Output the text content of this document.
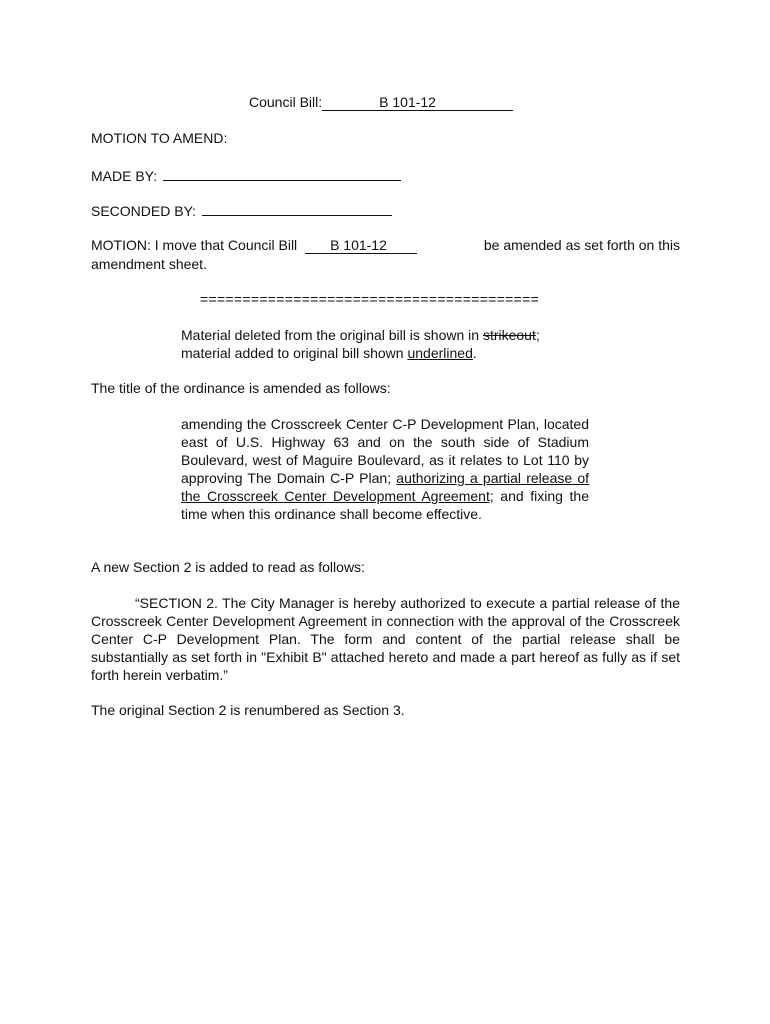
Council Bill:	B 101-12
MOTION TO AMEND:
MADE BY:
SECONDED BY:
MOTION: I move that Council Bill B 101-12	be amended as set forth on this
amendment sheet.
========================================
Material deleted from the original bill is shown in strikeout;
material added to original bill shown underlined.
The title of the ordinance is amended as follows:
amending the Crosscreek Center C-P Development Plan, located east of U.S. Highway 63 and on the south side of Stadium Boulevard, west of Maguire Boulevard, as it relates to Lot 110 by approving The Domain C-P Plan; authorizing a partial release of the Crosscreek Center Development Agreement; and fixing the time when this ordinance shall become effective.
A new Section 2 is added to read as follows:
“SECTION 2. The City Manager is hereby authorized to execute a partial release of the Crosscreek Center Development Agreement in connection with the approval of the Crosscreek Center C-P Development Plan. The form and content of the partial release shall be substantially as set forth in "Exhibit B" attached hereto and made a part hereof as fully as if set forth herein verbatim.”
The original Section 2 is renumbered as Section 3.
